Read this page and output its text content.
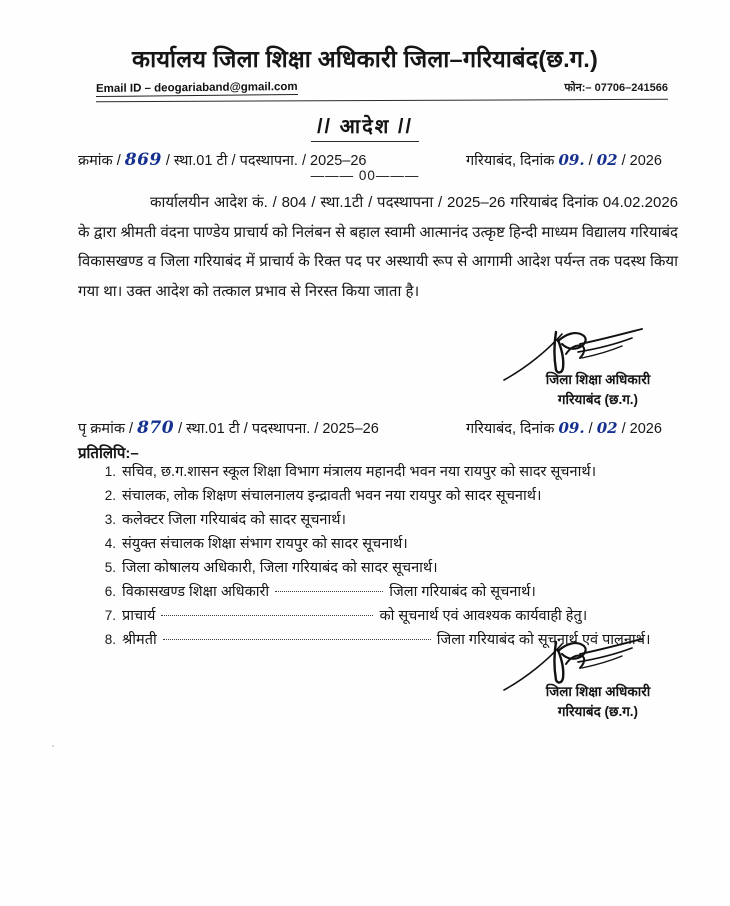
कार्यालय जिला शिक्षा अधिकारी जिला–गरियाबंद(छ.ग.)
Email ID – deogariaband@gmail.com	फोन:– 07706–241566
// आदेश //
क्रमांक / 869 / स्था.01 टी / पदस्थापना. / 2025–26	गरियाबंद, दिनांक 09. / 02 / 2026
——— 00———
कार्यालयीन आदेश कं. / 804 / स्था.1टी / पदस्थापना / 2025–26 गरियाबंद दिनांक 04.02.2026 के द्वारा श्रीमती वंदना पाण्डेय प्राचार्य को निलंबन से बहाल स्वामी आत्मानंद उत्कृष्ट हिन्दी माध्यम विद्यालय गरियाबंद विकासखण्ड व जिला गरियाबंद में प्राचार्य के रिक्त पद पर अस्थायी रूप से आगामी आदेश पर्यन्त तक पदस्थ किया गया था। उक्त आदेश को तत्काल प्रभाव से निरस्त किया जाता है।
जिला शिक्षा अधिकारी
गरियाबंद (छ.ग.)
पृ क्रमांक / 870 / स्था.01 टी / पदस्थापना. / 2025–26	गरियाबंद, दिनांक 09. / 02 / 2026
प्रतिलिपि:–
1. सचिव, छ.ग.शासन स्कूल शिक्षा विभाग मंत्रालय महानदी भवन नया रायपुर को सादर सूचनार्थ।
2. संचालक, लोक शिक्षण संचालनालय इन्द्रावती भवन नया रायपुर को सादर सूचनार्थ।
3. कलेक्टर जिला गरियाबंद को सादर सूचनार्थ।
4. संयुक्त संचालक शिक्षा संभाग रायपुर को सादर सूचनार्थ।
5. जिला कोषालय अधिकारी, जिला गरियाबंद को सादर सूचनार्थ।
6. विकासखण्ड शिक्षा अधिकारी	जिला गरियाबंद को सूचनार्थ।
7. प्राचार्य	को सूचनार्थ एवं आवश्यक कार्यवाही हेतु।
8. श्रीमती	जिला गरियाबंद को सूचनार्थ एवं पालनार्थ।
जिला शिक्षा अधिकारी
गरियाबंद (छ.ग.)
